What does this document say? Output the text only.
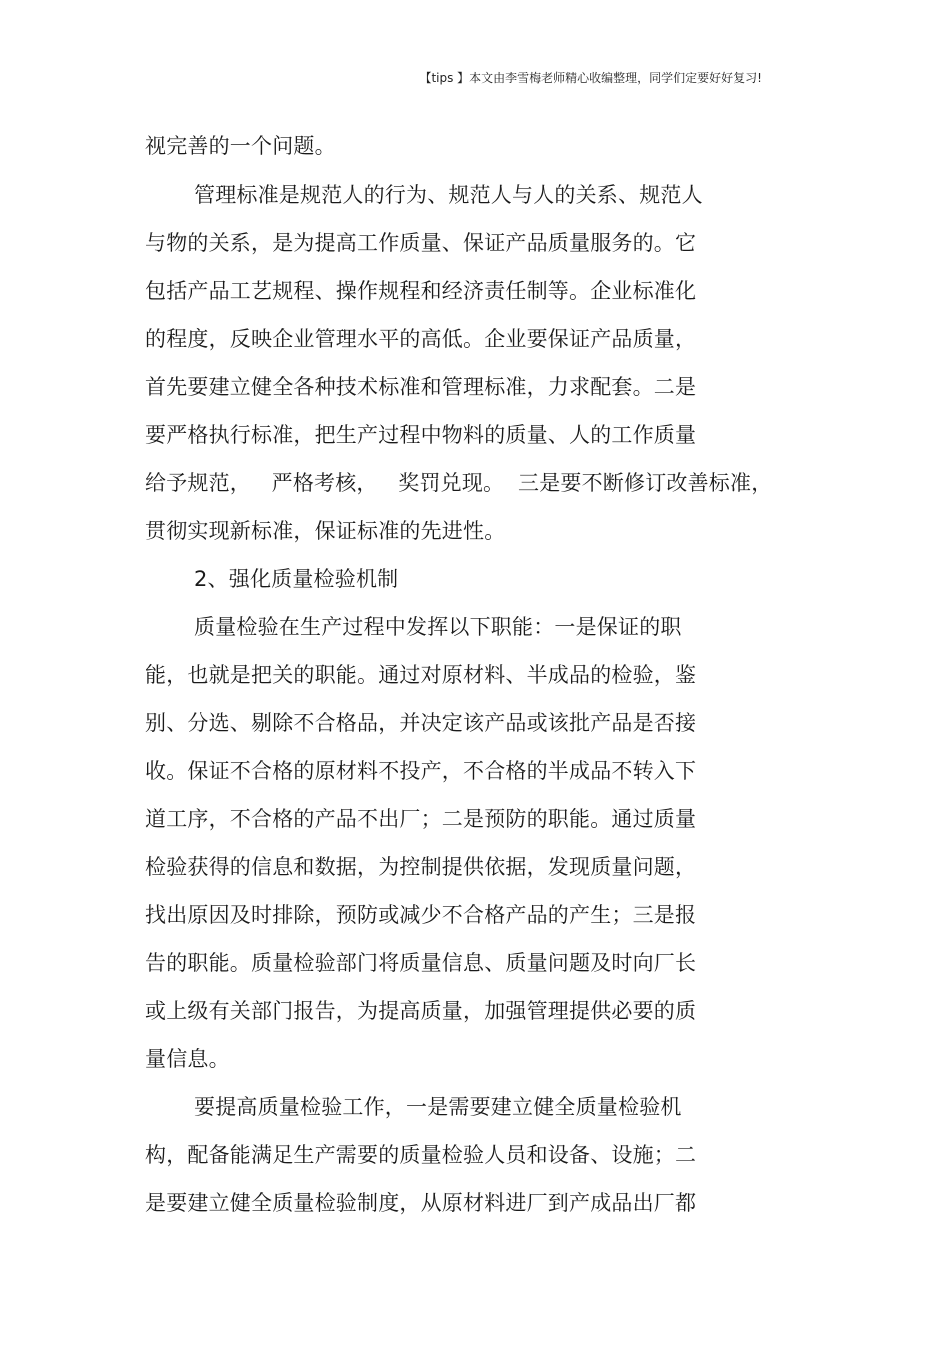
【tips 】本文由李雪梅老师精心收编整理，同学们定要好好复习!
视完善的一个问题。
管理标准是规范人的行为、规范人与人的关系、规范人
与物的关系，是为提高工作质量、保证产品质量服务的。它
包括产品工艺规程、操作规程和经济责任制等。企业标准化
的程度，反映企业管理水平的高低。企业要保证产品质量，
首先要建立健全各种技术标准和管理标准，力求配套。二是
要严格执行标准，把生产过程中物料的质量、人的工作质量
给予规范，   严格考核，   奖罚兑现。  三是要不断修订改善标准，
贯彻实现新标准，保证标准的先进性。
2、强化质量检验机制
质量检验在生产过程中发挥以下职能：一是保证的职
能，也就是把关的职能。通过对原材料、半成品的检验，鉴
别、分选、剔除不合格品，并决定该产品或该批产品是否接
收。保证不合格的原材料不投产，不合格的半成品不转入下
道工序，不合格的产品不出厂；二是预防的职能。通过质量
检验获得的信息和数据，为控制提供依据，发现质量问题，
找出原因及时排除，预防或减少不合格产品的产生；三是报
告的职能。质量检验部门将质量信息、质量问题及时向厂长
或上级有关部门报告，为提高质量，加强管理提供必要的质
量信息。
要提高质量检验工作，一是需要建立健全质量检验机
构，配备能满足生产需要的质量检验人员和设备、设施；二
是要建立健全质量检验制度，从原材料进厂到产成品出厂都
